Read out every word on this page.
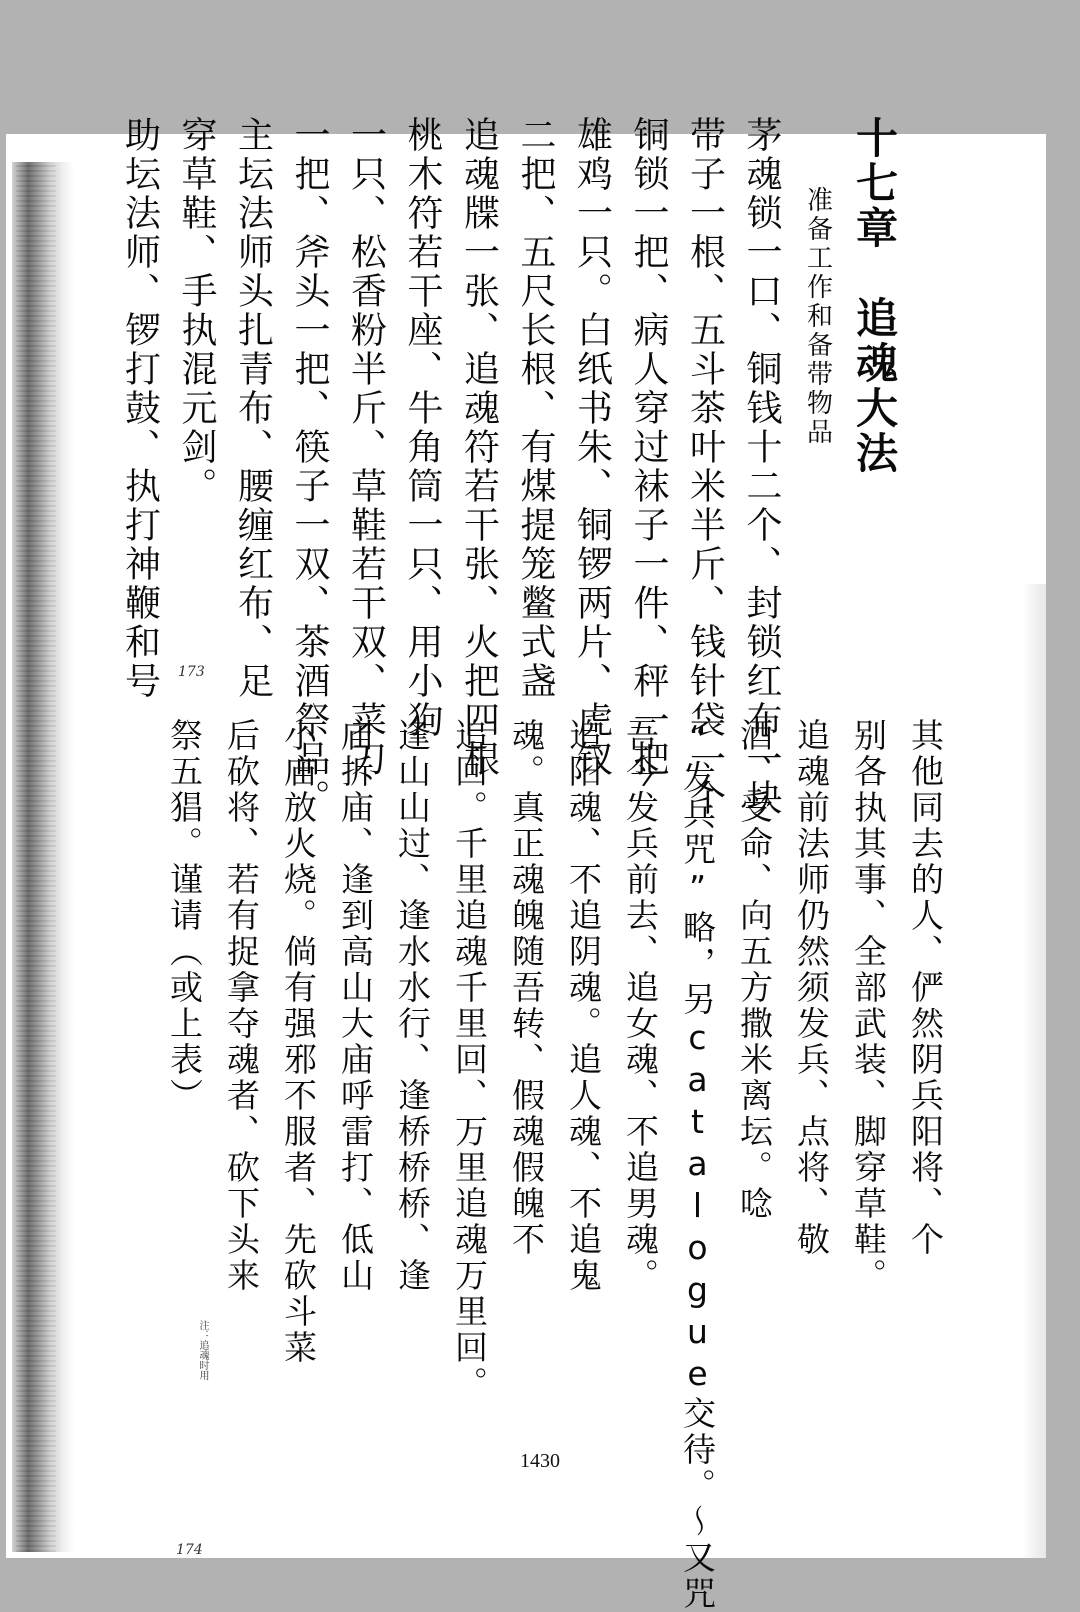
十七章　追魂大法
准备工作和备带物品
茅魂锁一口、铜钱十二个、封锁红布一块
带子一根、五斗茶叶米半斤、钱针袋一个
铜锁一把、病人穿过袜子一件、秤一把
雄鸡一只。白纸书朱、铜锣两片、虎钗
二把、五尺长根、有煤提笼鳖式盏
追魂牒一张、追魂符若干张、火把四根
桃木符若干座、牛角筒一只、用小狗
一只、松香粉半斤、草鞋若干双、菜刀
一把、斧头一把、筷子一双、茶酒祭品。
主坛法师头扎青布、腰缠红布、足
穿草鞋、手执混元剑。
助坛法师、锣打鼓、执打神鞭和号
其他同去的人、俨然阴兵阳将、个
别各执其事、全部武装、脚穿草鞋。
追魂前法师仍然须发兵、点将、敬
酒、受命、向五方撒米离坛。唸
“发兵咒”略，另catalogue交待。〜又咒
吾今发兵前去、追女魂、不追男魂。
追阳魂、不追阴魂。追人魂、不追鬼
魂。真正魂魄随吾转、假魂假魄不
追回。千里追魂千里回、万里追魂万里回。
逢山山过、逢水水行、逢桥桥桥、逢
庙拆庙、逢到高山大庙呼雷打、低山
小庙放火烧。倘有强邪不服者、先砍斗菜
后砍将、若有捉拿夺魂者、砍下头来
祭五猖。谨请（或上表）
173
174
注：追魂时用
1430
